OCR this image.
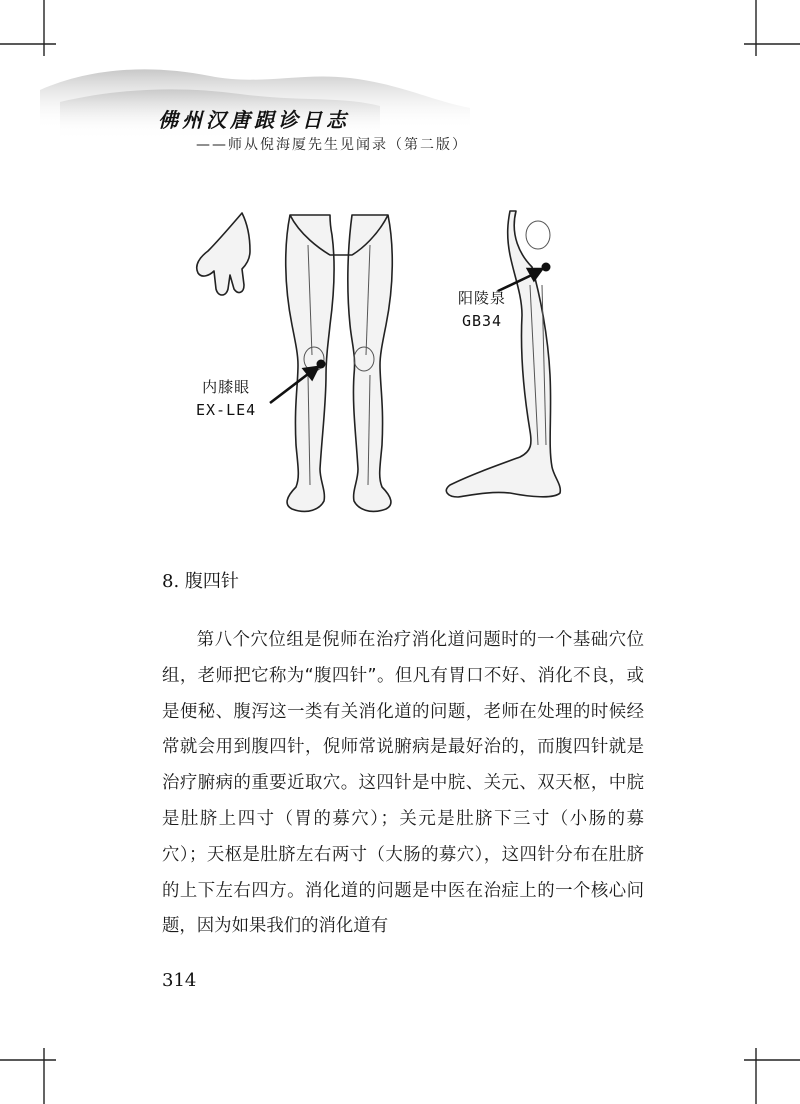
佛州汉唐跟诊日志
——师从倪海厦先生见闻录（第二版）
内膝眼
EX-LE4
阳陵泉
GB34
8. 腹四针

第八个穴位组是倪师在治疗消化道问题时的一个基础穴位组，老师把它称为“腹四针”。但凡有胃口不好、消化不良，或是便秘、腹泻这一类有关消化道的问题，老师在处理的时候经常就会用到腹四针，倪师常说腑病是最好治的，而腹四针就是治疗腑病的重要近取穴。这四针是中脘、关元、双天枢，中脘是肚脐上四寸（胃的募穴）；关元是肚脐下三寸（小肠的募穴）；天枢是肚脐左右两寸（大肠的募穴），这四针分布在肚脐的上下左右四方。消化道的问题是中医在治症上的一个核心问题，因为如果我们的消化道有

314
